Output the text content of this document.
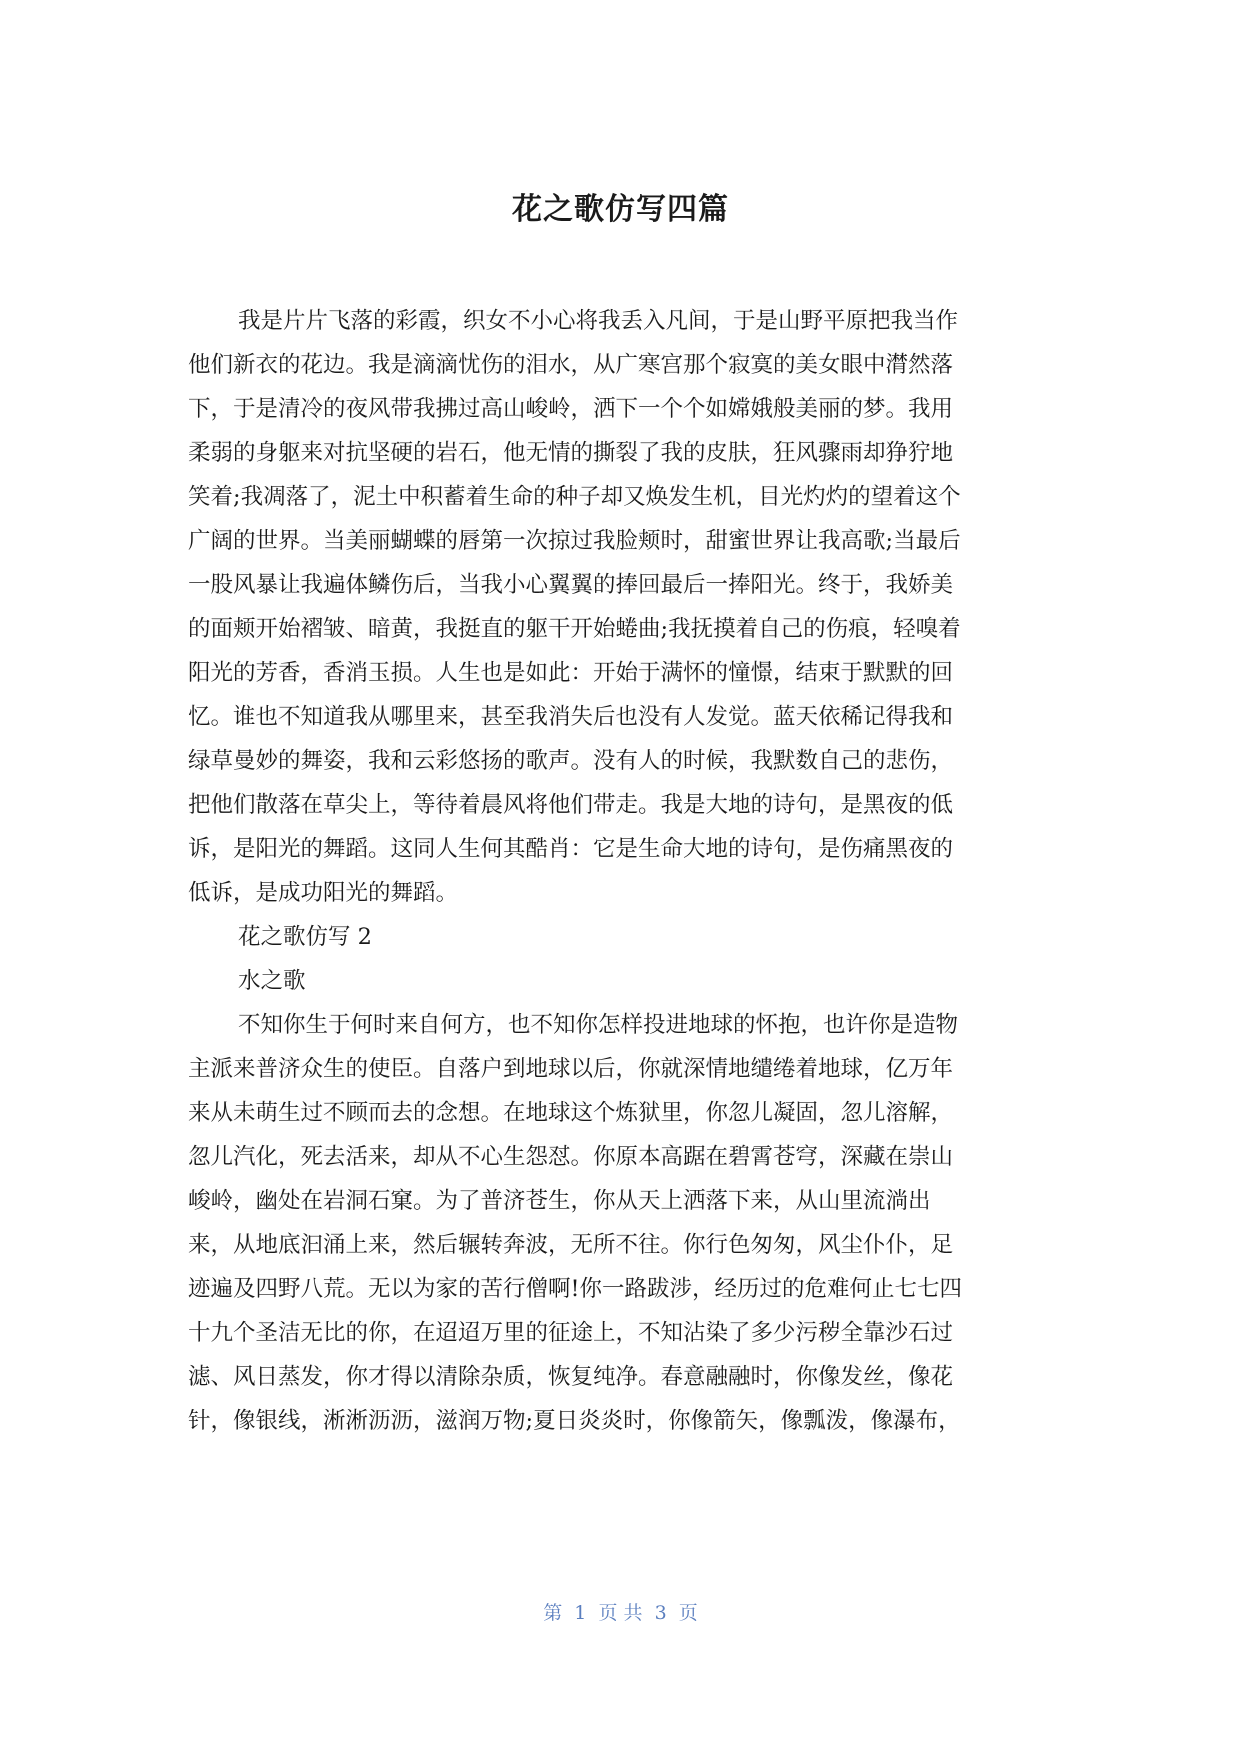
花之歌仿写四篇
我是片片飞落的彩霞，织女不小心将我丢入凡间，于是山野平原把我当作
他们新衣的花边。我是滴滴忧伤的泪水，从广寒宫那个寂寞的美女眼中潸然落
下，于是清冷的夜风带我拂过高山峻岭，洒下一个个如嫦娥般美丽的梦。我用
柔弱的身躯来对抗坚硬的岩石，他无情的撕裂了我的皮肤，狂风骤雨却狰狞地
笑着;我凋落了，泥土中积蓄着生命的种子却又焕发生机，目光灼灼的望着这个
广阔的世界。当美丽蝴蝶的唇第一次掠过我脸颊时，甜蜜世界让我高歌;当最后
一股风暴让我遍体鳞伤后，当我小心翼翼的捧回最后一捧阳光。终于，我娇美
的面颊开始褶皱、暗黄，我挺直的躯干开始蜷曲;我抚摸着自己的伤痕，轻嗅着
阳光的芳香，香消玉损。人生也是如此：开始于满怀的憧憬，结束于默默的回
忆。谁也不知道我从哪里来，甚至我消失后也没有人发觉。蓝天依稀记得我和
绿草曼妙的舞姿，我和云彩悠扬的歌声。没有人的时候，我默数自己的悲伤，
把他们散落在草尖上，等待着晨风将他们带走。我是大地的诗句，是黑夜的低
诉，是阳光的舞蹈。这同人生何其酷肖：它是生命大地的诗句，是伤痛黑夜的
低诉，是成功阳光的舞蹈。
花之歌仿写 2
水之歌
不知你生于何时来自何方，也不知你怎样投进地球的怀抱，也许你是造物
主派来普济众生的使臣。自落户到地球以后，你就深情地缱绻着地球，亿万年
来从未萌生过不顾而去的念想。在地球这个炼狱里，你忽儿凝固，忽儿溶解，
忽儿汽化，死去活来，却从不心生怨怼。你原本高踞在碧霄苍穹，深藏在崇山
峻岭，幽处在岩洞石窠。为了普济苍生，你从天上洒落下来，从山里流淌出
来，从地底汩涌上来，然后辗转奔波，无所不往。你行色匆匆，风尘仆仆，足
迹遍及四野八荒。无以为家的苦行僧啊!你一路跋涉，经历过的危难何止七七四
十九个圣洁无比的你，在迢迢万里的征途上，不知沾染了多少污秽全靠沙石过
滤、风日蒸发，你才得以清除杂质，恢复纯净。春意融融时，你像发丝，像花
针，像银线，淅淅沥沥，滋润万物;夏日炎炎时，你像箭矢，像瓢泼，像瀑布，
第  1  页 共  3  页
